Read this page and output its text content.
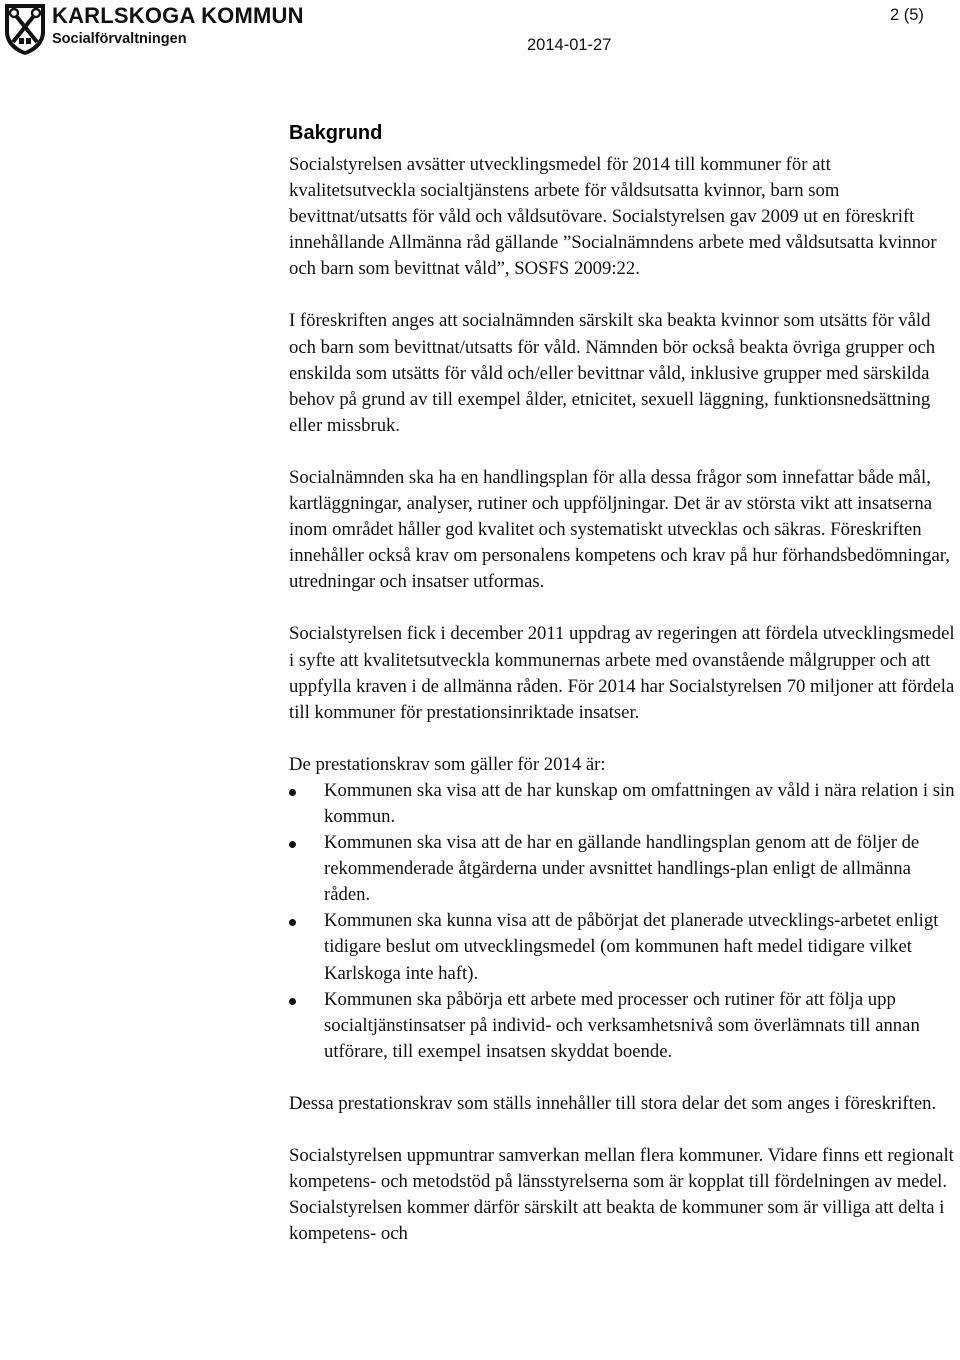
KARLSKOGA KOMMUN
Socialförvaltningen	2014-01-27
2 (5)
Bakgrund

Socialstyrelsen avsätter utvecklingsmedel för 2014 till kommuner för att kvalitetsutveckla socialtjänstens arbete för våldsutsatta kvinnor, barn som bevittnat/utsatts för våld och våldsutövare. Socialstyrelsen gav 2009 ut en föreskrift innehållande Allmänna råd gällande ”Socialnämndens arbete med våldsutsatta kvinnor och barn som bevittnat våld”, SOSFS 2009:22.

I föreskriften anges att socialnämnden särskilt ska beakta kvinnor som utsätts för våld och barn som bevittnat/utsatts för våld. Nämnden bör också beakta övriga grupper och enskilda som utsätts för våld och/eller bevittnar våld, inklusive grupper med särskilda behov på grund av till exempel ålder, etnicitet, sexuell läggning, funktionsnedsättning eller missbruk.

Socialnämnden ska ha en handlingsplan för alla dessa frågor som innefattar både mål, kartläggningar, analyser, rutiner och uppföljningar. Det är av största vikt att insatserna inom området håller god kvalitet och systematiskt utvecklas och säkras. Föreskriften innehåller också krav om personalens kompetens och krav på hur förhandsbedömningar, utredningar och insatser utformas.

Socialstyrelsen fick i december 2011 uppdrag av regeringen att fördela utvecklingsmedel i syfte att kvalitetsutveckla kommunernas arbete med ovanstående målgrupper och att uppfylla kraven i de allmänna råden. För 2014 har Socialstyrelsen 70 miljoner att fördela till kommuner för prestationsinriktade insatser.

De prestationskrav som gäller för 2014 är:

Kommunen ska visa att de har kunskap om omfattningen av våld i nära relation i sin kommun.
Kommunen ska visa att de har en gällande handlingsplan genom att de följer de rekommenderade åtgärderna under avsnittet handlings-plan enligt de allmänna råden.
Kommunen ska kunna visa att de påbörjat det planerade utvecklings-arbetet enligt tidigare beslut om utvecklingsmedel (om kommunen haft medel tidigare vilket Karlskoga inte haft).
Kommunen ska påbörja ett arbete med processer och rutiner för att följa upp socialtjänstinsatser på individ- och verksamhetsnivå som överlämnats till annan utförare, till exempel insatsen skyddat boende.

Dessa prestationskrav som ställs innehåller till stora delar det som anges i föreskriften.

Socialstyrelsen uppmuntrar samverkan mellan flera kommuner. Vidare finns ett regionalt kompetens- och metodstöd på länsstyrelserna som är kopplat till fördelningen av medel. Socialstyrelsen kommer därför särskilt att beakta de kommuner som är villiga att delta i kompetens- och
